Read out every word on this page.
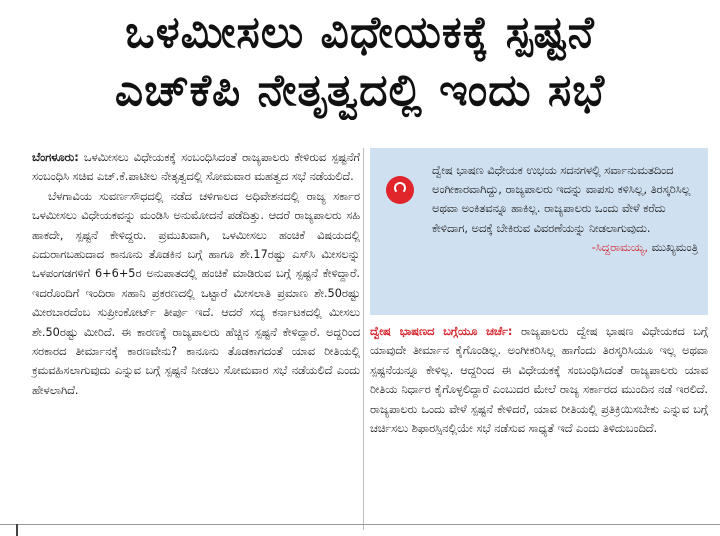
ಒಳಮೀಸಲು ವಿಧೇಯಕಕ್ಕೆ ಸ್ಪಷ್ಟನೆ
ಎಚ್‌ಕೆಪಿ ನೇತೃತ್ವದಲ್ಲಿ ಇಂದು ಸಭೆ

ಬೆಂಗಳೂರು: ಒಳಮೀಸಲು ವಿಧೇಯಕಕ್ಕೆ ಸಂಬಂಧಿಸಿದಂತೆ ರಾಜ್ಯಪಾಲರು ಕೇಳಿರುವ ಸ್ಪಷ್ಟನೆಗೆ ಸಂಬಂಧಿಸಿ ಸಚಿವ ಎಚ್.ಕೆ.ಪಾಟೀಲ ನೇತೃತ್ವದಲ್ಲಿ ಸೋಮವಾರ ಮಹತ್ವದ ಸಭೆ ನಡೆಯಲಿದೆ.

ಬೆಳಗಾವಿಯ ಸುವರ್ಣಸೌಧದಲ್ಲಿ ನಡೆದ ಚಳಿಗಾಲದ ಅಧಿವೇಶನದಲ್ಲಿ ರಾಜ್ಯ ಸರ್ಕಾರ ಒಳಮೀಸಲು ವಿಧೇಯಕವನ್ನು ಮಂಡಿಸಿ ಅನುಮೋದನೆ ಪಡೆದಿತ್ತು. ಆದರೆ ರಾಜ್ಯಪಾಲರು ಸಹಿ ಹಾಕದೇ, ಸ್ಪಷ್ಟನೆ ಕೇಳಿದ್ದರು. ಪ್ರಮುಖವಾಗಿ, ಒಳಮೀಸಲು ಹಂಚಿಕೆ ವಿಷಯದಲ್ಲಿ ಎದುರಾಗಬಹುದಾದ ಕಾನೂನು ತೊಡಕಿನ ಬಗ್ಗೆ ಹಾಗೂ ಶೇ.17ರಷ್ಟು ಎಸ್‌ಸಿ ಮೀಸಲನ್ನು ಒಳಪಂಗಡಗಳಿಗೆ 6+6+5ರ ಅನುಪಾತದಲ್ಲಿ ಹಂಚಿಕೆ ಮಾಡಿರುವ ಬಗ್ಗೆ ಸ್ಪಷ್ಟನೆ ಕೇಳಿದ್ದಾರೆ. ಇದರೊಂದಿಗೆ ಇಂದಿರಾ ಸಹಾನಿ ಪ್ರಕರಣದಲ್ಲಿ ಒಟ್ಟಾರೆ ಮೀಸಲಾತಿ ಪ್ರಮಾಣ ಶೇ.50ರಷ್ಟು ಮೀರಬಾರದೆಂಬ ಸುಪ್ರೀಂಕೋರ್ಟ್ ತೀರ್ಪು ಇದೆ. ಆದರೆ ಸದ್ಯ ಕರ್ನಾಟಕದಲ್ಲಿ ಮೀಸಲು ಶೇ.50ರಷ್ಟು ಮೀರಿದೆ. ಈ ಕಾರಣಕ್ಕೆ ರಾಜ್ಯಪಾಲರು ಹೆಚ್ಚಿನ ಸ್ಪಷ್ಟನೆ ಕೇಳಿದ್ದಾರೆ. ಅದ್ದರಿಂದ ಸರಕಾರದ ತೀರ್ಮಾನಕ್ಕೆ ಕಾರಣವೇನು? ಕಾನೂನು ತೊಡಕಾಗದಂತೆ ಯಾವ ರೀತಿಯಲ್ಲಿ ಕ್ರಮವಹಿಸಲಾಗುವುದು ಎನ್ನುವ ಬಗ್ಗೆ ಸ್ಪಷ್ಟನೆ ನೀಡಲು ಸೋಮವಾರ ಸಭೆ ನಡೆಯಲಿದೆ ಎಂದು ಹೇಳಲಾಗಿದೆ.

ದ್ವೇಷ ಭಾಷಣ ವಿಧೇಯಕ ಉಭಯ ಸದನಗಳಲ್ಲಿ ಸರ್ವಾನುಮತದಿಂದ ಅಂಗೀಕಾರವಾಗಿದ್ದು, ರಾಜ್ಯಪಾಲರು ಇದನ್ನು ವಾಪಸು ಕಳಿಸಿಲ್ಲ, ತಿರಸ್ಕರಿಸಿಲ್ಲ ಅಥವಾ ಅಂಕಿತವನ್ನೂ ಹಾಕಿಲ್ಲ. ರಾಜ್ಯಪಾಲರು ಒಂದು ವೇಳೆ ಕರೆದು ಕೇಳಿದಾಗ, ಅದಕ್ಕೆ ಬೇಕಿರುವ ವಿವರಣೆಯನ್ನು ನೀಡಲಾಗುವುದು.

-ಸಿದ್ದರಾಮಯ್ಯ, ಮುಖ್ಯಮಂತ್ರಿ

ದ್ವೇಷ ಭಾಷಣದ ಬಗ್ಗೆಯೂ ಚರ್ಚೆ: ರಾಜ್ಯಪಾಲರು ದ್ವೇಷ ಭಾಷಣ ವಿಧೇಯಕದ ಬಗ್ಗೆ ಯಾವುದೇ ತೀರ್ಮಾನ ಕೈಗೊಂಡಿಲ್ಲ. ಅಂಗೀಕರಿಸಿಲ್ಲ ಹಾಗೆಂದು ತಿರಸ್ಕರಿಸಿಯೂ ಇಲ್ಲ ಅಥವಾ ಸ್ಪಷ್ಟನೆಯನ್ನೂ ಕೇಳಿಲ್ಲ. ಆದ್ದರಿಂದ ಈ ವಿಧೇಯಕಕ್ಕೆ ಸಂಬಂಧಿಸಿದಂತೆ ರಾಜ್ಯಪಾಲರು ಯಾವ ರೀತಿಯ ನಿರ್ಧಾರ ಕೈಗೊಳ್ಳಲಿದ್ದಾರೆ ಎಂಬುದರ ಮೇಲೆ ರಾಜ್ಯ ಸರ್ಕಾರದ ಮುಂದಿನ ನಡೆ ಇರಲಿದೆ. ರಾಜ್ಯಪಾಲರು ಒಂದು ವೇಳೆ ಸ್ಪಷ್ಟನೆ ಕೇಳಿದರೆ, ಯಾವ ರೀತಿಯಲ್ಲಿ ಪ್ರತಿಕ್ರಿಯಿಸಬೇಕು ಎನ್ನುವ ಬಗ್ಗೆ ಚರ್ಚಿಸಲು ಶಿಫಾರಸ್ಸಿನಲ್ಲಿಯೇ ಸಭೆ ನಡೆಸುವ ಸಾಧ್ಯತೆ ಇದೆ ಎಂದು ತಿಳಿದುಬಂದಿದೆ.
